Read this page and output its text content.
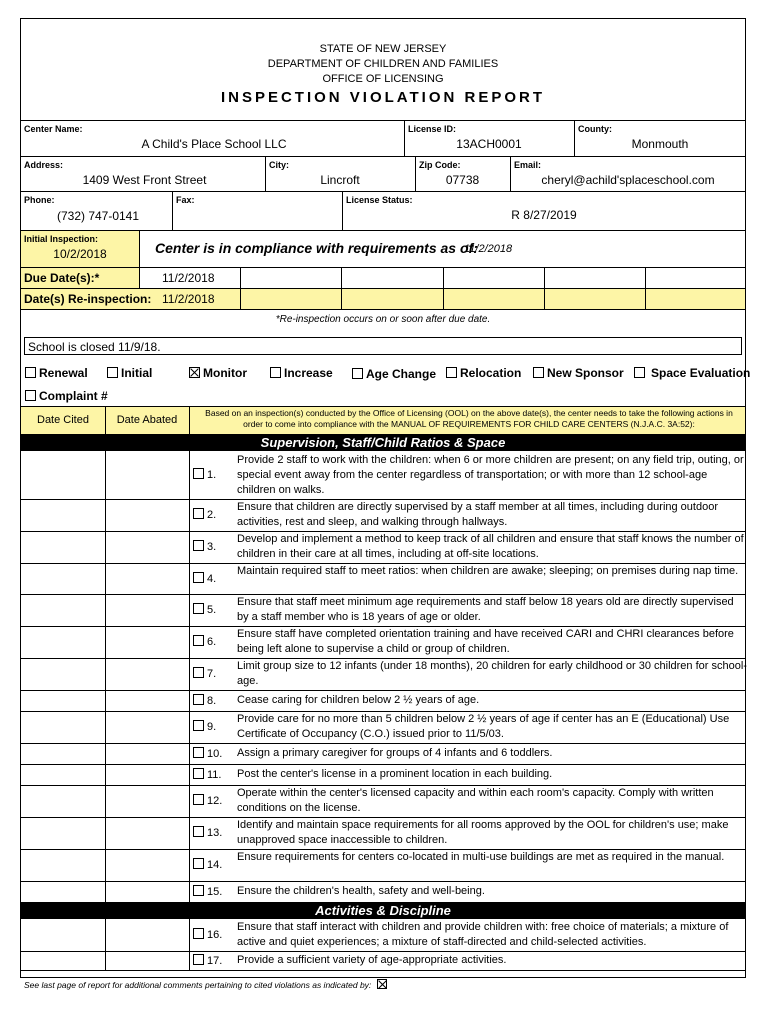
STATE OF NEW JERSEY
DEPARTMENT OF CHILDREN AND FAMILIES
OFFICE OF LICENSING
INSPECTION VIOLATION REPORT
Center Name:
A Child's Place School LLC
License ID:
13ACH0001
County:
Monmouth
Address:
1409 West Front Street
City:
Lincroft
Zip Code:
07738
Email:
cheryl@achild'splaceschool.com
Phone:
(732) 747-0141
Fax:	License Status:
R 8/27/2019
Initial Inspection:
10/2/2018	Center is in compliance with requirements as of:
11/2/2018
Due Date(s):*	11/2/2018
Date(s) Re-inspection: 11/2/2018
*Re-inspection occurs on or soon after due date.
School is closed 11/9/18.
Renewal	Initial	Monitor	Increase	Age Change	Relocation	New Sponsor	Space Evaluation
Complaint #
Date Cited	Date Abated
Based on an inspection(s) conducted by the Office of Licensing (OOL) on the above date(s), the center needs to take the following actions in order to come into compliance with the MANUAL OF REQUIREMENTS FOR CHILD CARE CENTERS (N.J.A.C. 3A:52):
Supervision, Staff/Child Ratios & Space
Activities & Discipline
1.
Provide 2 staff to work with the children: when 6 or more children are present; on any field trip, outing, or special event away from the center regardless of transportation; or with more than 12 school-age children on walks.
2.
Ensure that children are directly supervised by a staff member at all times, including during outdoor activities, rest and sleep, and walking through hallways.
3.
Develop and implement a method to keep track of all children and ensure that staff knows the number of children in their care at all times, including at off-site locations.
4.
Maintain required staff to meet ratios: when children are awake; sleeping; on premises during nap time.
5.
Ensure that staff meet minimum age requirements and staff below 18 years old are directly supervised by a staff member who is 18 years of age or older.
6.
Ensure staff have completed orientation training and have received CARI and CHRI clearances before being left alone to supervise a child or group of children.
7.
Limit group size to 12 infants (under 18 months), 20 children for early childhood or 30 children for school-age.
8. Cease caring for children below 2 ½ years of age.
9.
Provide care for no more than 5 children below 2 ½ years of age if center has an E (Educational) Use Certificate of Occupancy (C.O.) issued prior to 11/5/03.
10. Assign a primary caregiver for groups of 4 infants and 6 toddlers.
11. Post the center's license in a prominent location in each building.
12.
Operate within the center's licensed capacity and within each room's capacity. Comply with written conditions on the license.
13.
Identify and maintain space requirements for all rooms approved by the OOL for children's use; make unapproved space inaccessible to children.
14.
Ensure requirements for centers co-located in multi-use buildings are met as required in the manual.
15. Ensure the children's health, safety and well-being.
16.
Ensure that staff interact with children and provide children with: free choice of materials; a mixture of active and quiet experiences; a mixture of staff-directed and child-selected activities.
17. Provide a sufficient variety of age-appropriate activities.
See last page of report for additional comments pertaining to cited violations as indicated by:
